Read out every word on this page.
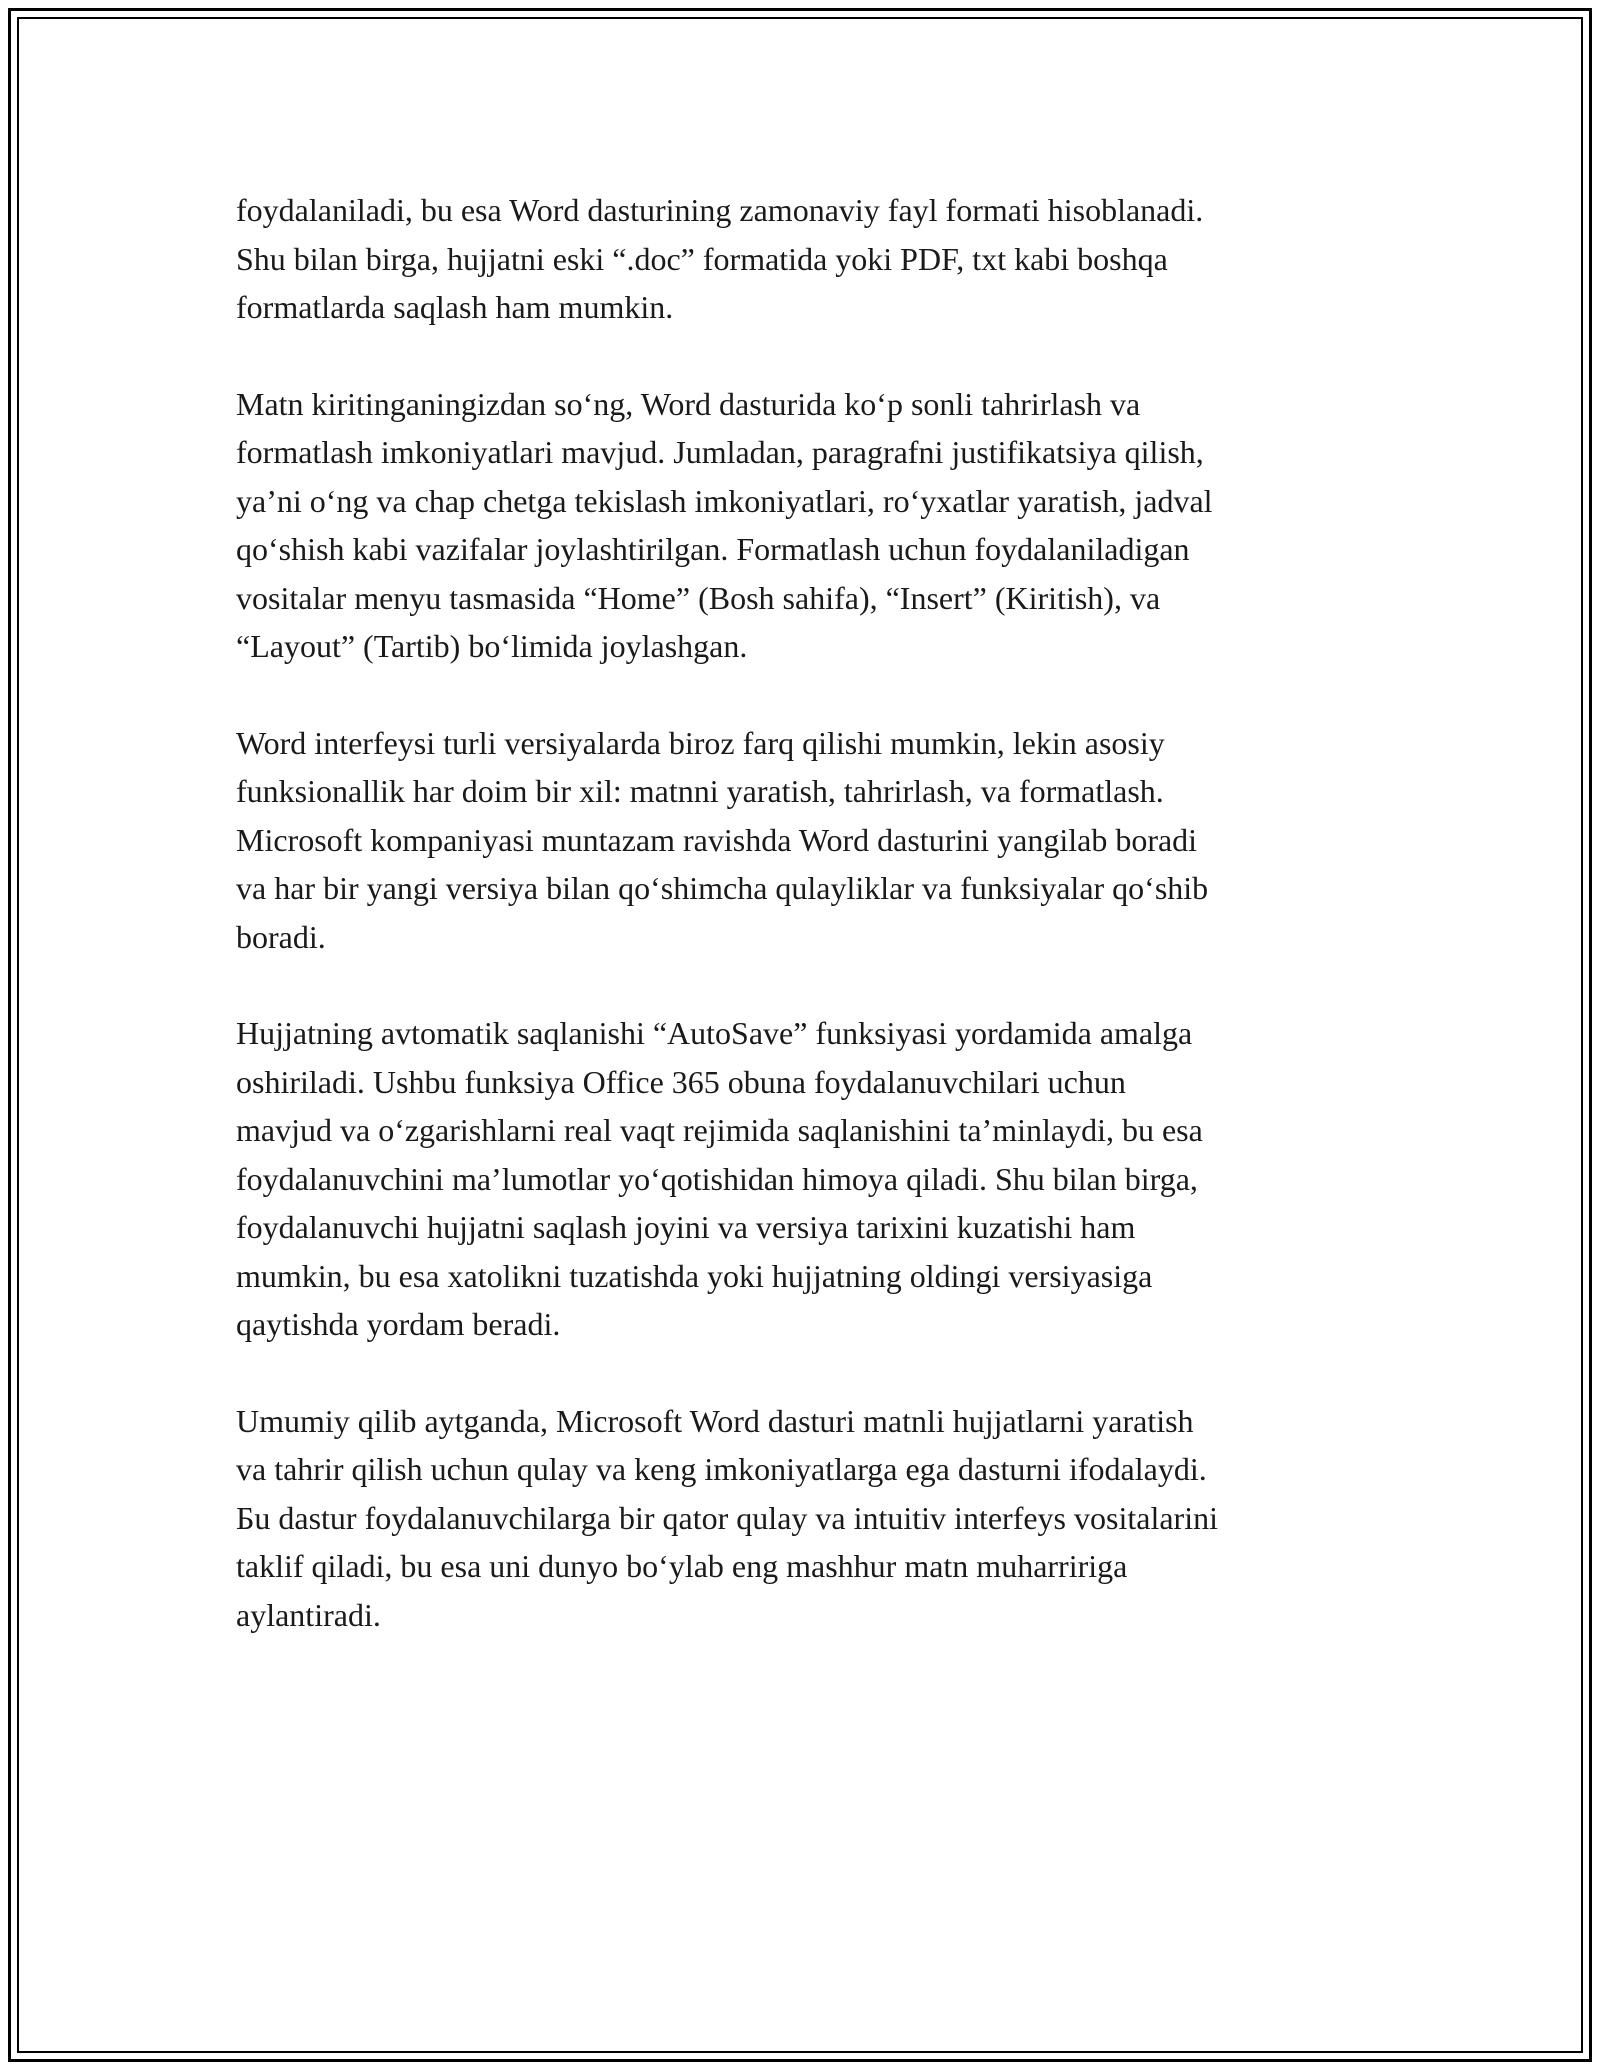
foydalaniladi, bu esa Word dasturining zamonaviy fayl formati hisoblanadi.
Shu bilan birga, hujjatni eski “.doc” formatida yoki PDF, txt kabi boshqa
formatlarda saqlash ham mumkin.

Matn kiritinganingizdan soʻng, Word dasturida koʻp sonli tahrirlash va
formatlash imkoniyatlari mavjud. Jumladan, paragrafni justifikatsiya qilish,
yaʼni oʻng va chap chetga tekislash imkoniyatlari, roʻyxatlar yaratish, jadval
qoʻshish kabi vazifalar joylashtirilgan. Formatlash uchun foydalaniladigan
vositalar menyu tasmasida “Home” (Bosh sahifa), “Insert” (Kiritish), va
“Layout” (Tartib) boʻlimida joylashgan.

Word interfeysi turli versiyalarda biroz farq qilishi mumkin, lekin asosiy
funksionallik har doim bir xil: matnni yaratish, tahrirlash, va formatlash.
Microsoft kompaniyasi muntazam ravishda Word dasturini yangilab boradi
va har bir yangi versiya bilan qoʻshimcha qulayliklar va funksiyalar qoʻshib
boradi.

Hujjatning avtomatik saqlanishi “AutoSave” funksiyasi yordamida amalga
oshiriladi. Ushbu funksiya Office 365 obuna foydalanuvchilari uchun
mavjud va oʻzgarishlarni real vaqt rejimida saqlanishini taʼminlaydi, bu esa
foydalanuvchini maʼlumotlar yoʻqotishidan himoya qiladi. Shu bilan birga,
foydalanuvchi hujjatni saqlash joyini va versiya tarixini kuzatishi ham
mumkin, bu esa xatolikni tuzatishda yoki hujjatning oldingi versiyasiga
qaytishda yordam beradi.

Umumiy qilib aytganda, Microsoft Word dasturi matnli hujjatlarni yaratish
va tahrir qilish uchun qulay va keng imkoniyatlarga ega dasturni ifodalaydi.
Бu dastur foydalanuvchilarga bir qator qulay va intuitiv interfeys vositalarini
taklif qiladi, bu esa uni dunyo boʻylab eng mashhur matn muharririga
aylantiradi.
